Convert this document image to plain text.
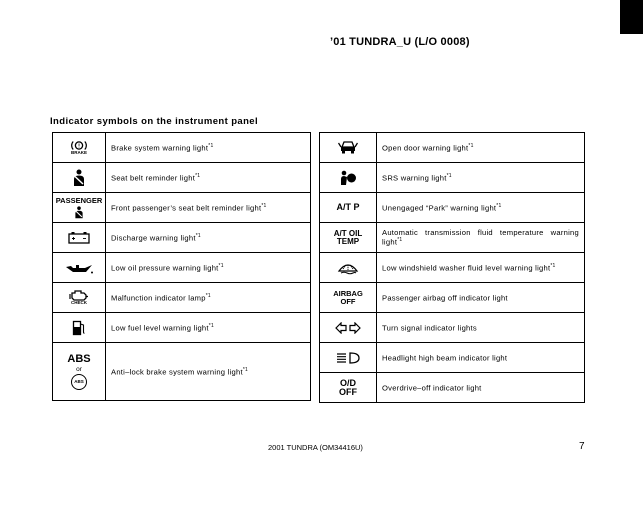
’01 TUNDRA_U (L/O 0008)
Indicator symbols on the instrument panel
!
BRAKE	Brake system warning light$^{*1}$

	Seat belt reminder light$^{*1}$
PASSENGER	Front passenger’s seat belt reminder light$^{*1}$

	Discharge warning light$^{*1}$

	Low oil pressure warning light$^{*1}$

CHECK	Malfunction indicator lamp$^{*1}$

	Low fuel level warning light$^{*1}$

ABS
or
ABS	Anti–lock brake system warning light$^{*1}$
	Open door warning light$^{*1}$

	SRS warning light$^{*1}$
A/T P	Unengaged “Park” warning light$^{*1}$

A/T OIL
TEMP	Automatic transmission fluid temperature warning light$^{*1}$

	Low windshield washer fluid level warning light$^{*1}$

AIRBAG
OFF	Passenger airbag off indicator light

	Turn signal indicator lights

	Headlight high beam indicator light

O/D
OFF	Overdrive–off indicator light
2001 TUNDRA (OM34416U)	7
